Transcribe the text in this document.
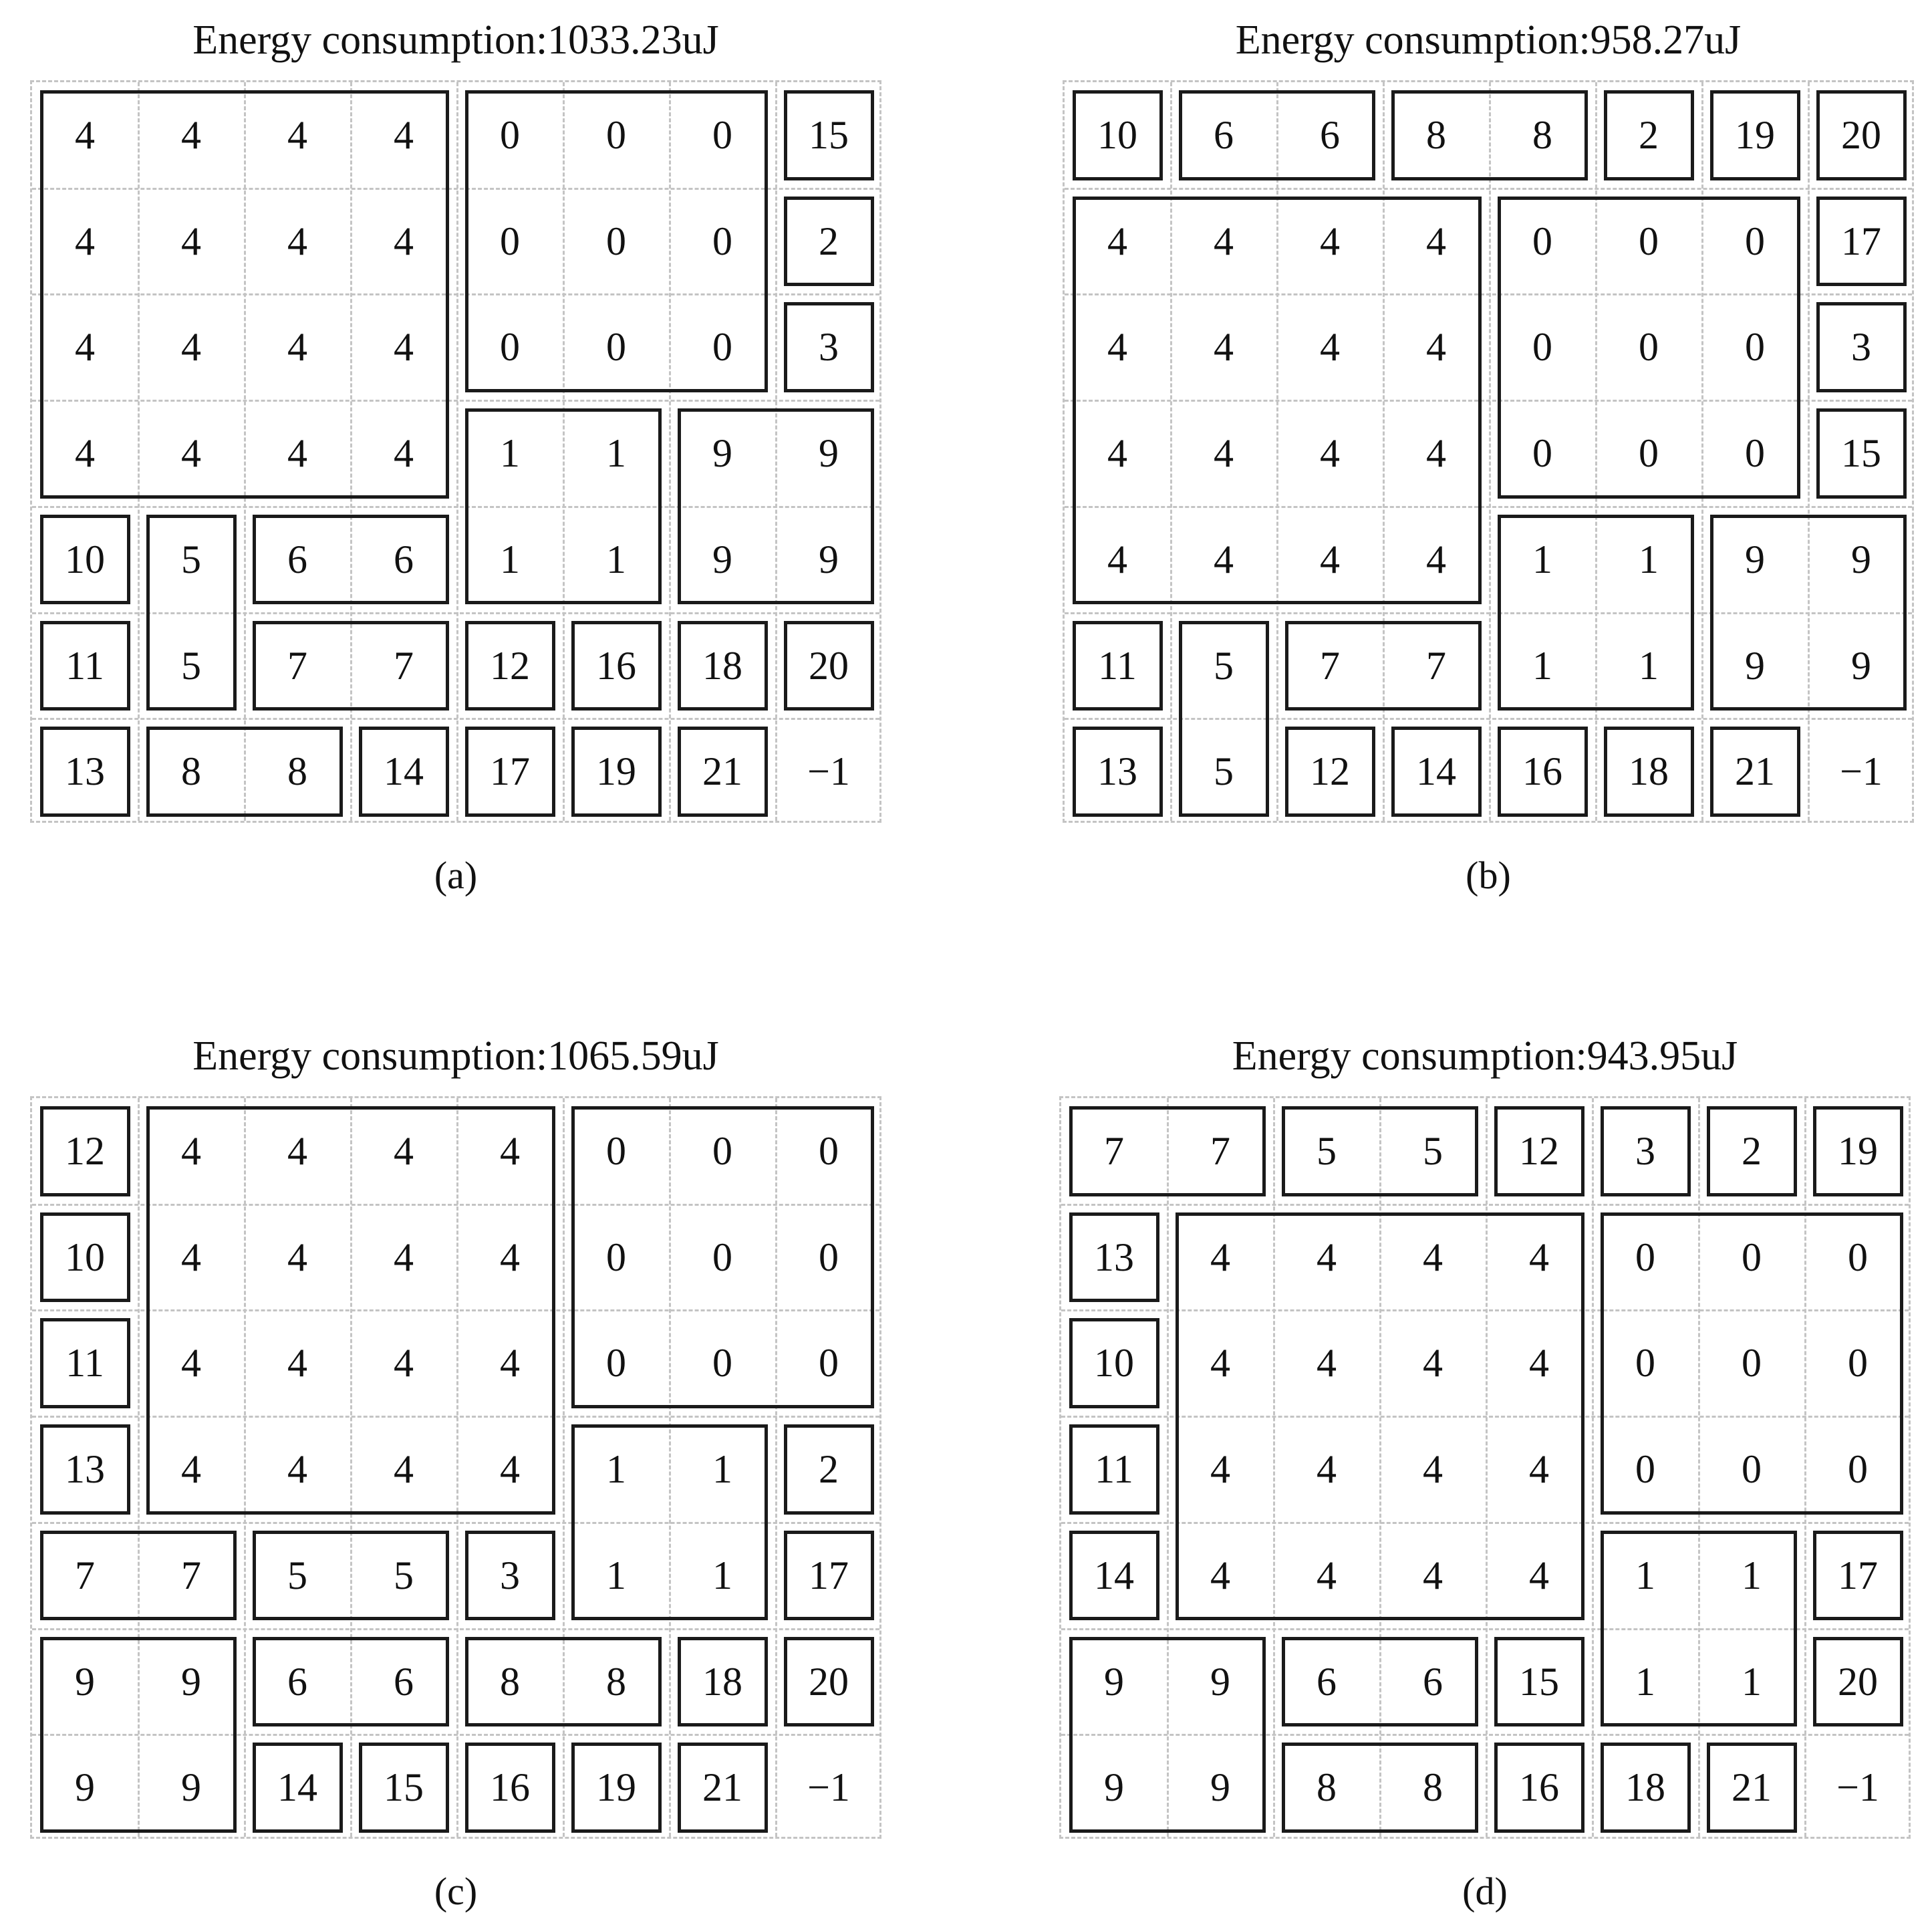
Energy consumption:1033.23uJ
4	4	4	4	0	0	0	15
4	4	4	4	0	0	0	2
4	4	4	4	0	0	0	3
4	4	4	4	1	1	9	9
10	5	6	6	1	1	9	9
11	5	7	7	12	16	18	20
13	8	8	14	17	19	21	−1
(a)
Energy consumption:958.27uJ
10	6	6	8	8	2	19	20
4	4	4	4	0	0	0	17
4	4	4	4	0	0	0	3
4	4	4	4	0	0	0	15
4	4	4	4	1	1	9	9
11	5	7	7	1	1	9	9
13	5	12	14	16	18	21	−1
(b)
Energy consumption:1065.59uJ
12	4	4	4	4	0	0	0
10	4	4	4	4	0	0	0
11	4	4	4	4	0	0	0
13	4	4	4	4	1	1	2
7	7	5	5	3	1	1	17
9	9	6	6	8	8	18	20
9	9	14	15	16	19	21	−1
(c)
Energy consumption:943.95uJ
7	7	5	5	12	3	2	19
13	4	4	4	4	0	0	0
10	4	4	4	4	0	0	0
11	4	4	4	4	0	0	0
14	4	4	4	4	1	1	17
9	9	6	6	15	1	1	20
9	9	8	8	16	18	21	−1
(d)
